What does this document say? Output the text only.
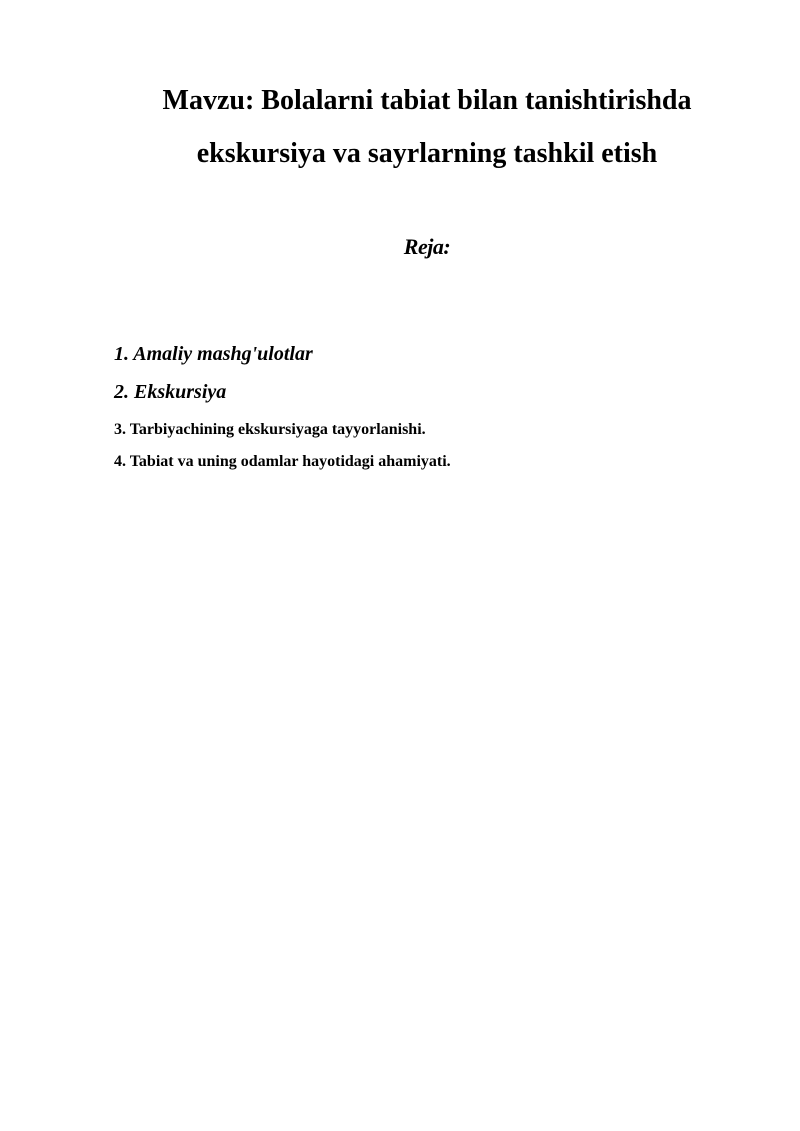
Mavzu: Bolalarni tabiat bilan tanishtirishda ekskursiya va sayrlarning tashkil etish
Reja:
1. Amaliy mashg'ulotlar
2. Ekskursiya
3. Tarbiyachining ekskursiyaga tayyorlanishi.
4. Tabiat va uning odamlar hayotidagi ahamiyati.
